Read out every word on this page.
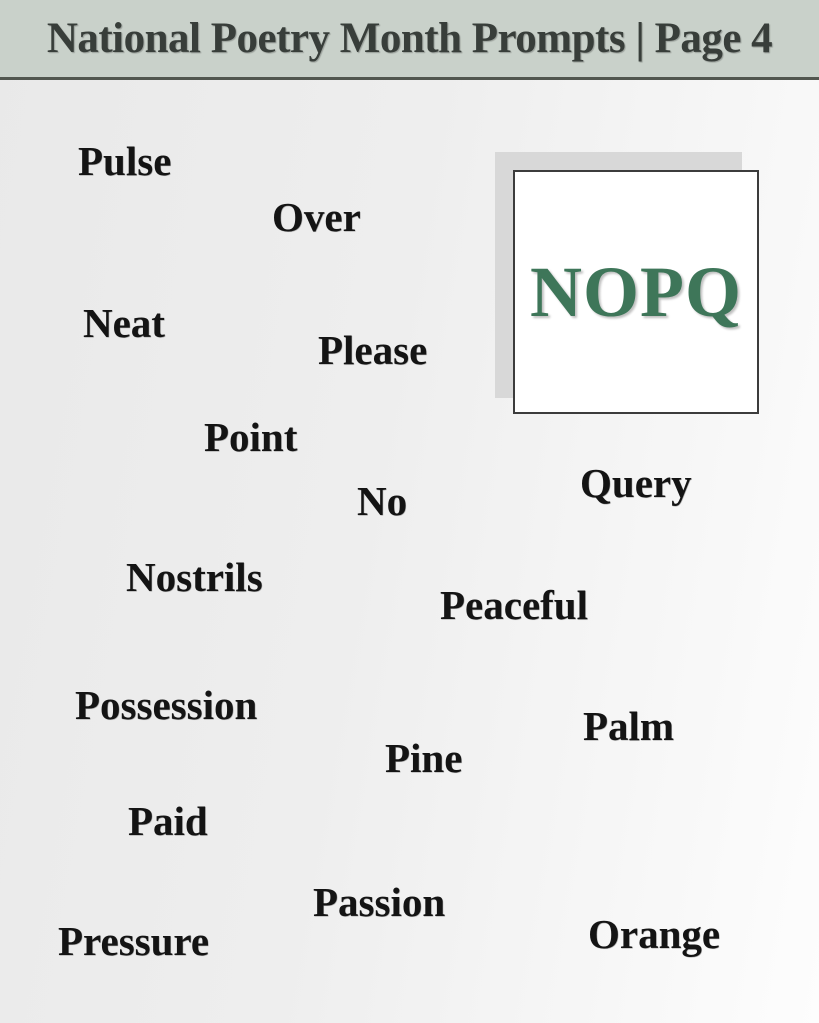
National Poetry Month Prompts | Page 4
NOPQ
Pulse
Over
Neat
Please
Point
No	Query
Nostrils
Peaceful
Possession
Pine
Palm
Paid
Passion
Pressure	Orange
